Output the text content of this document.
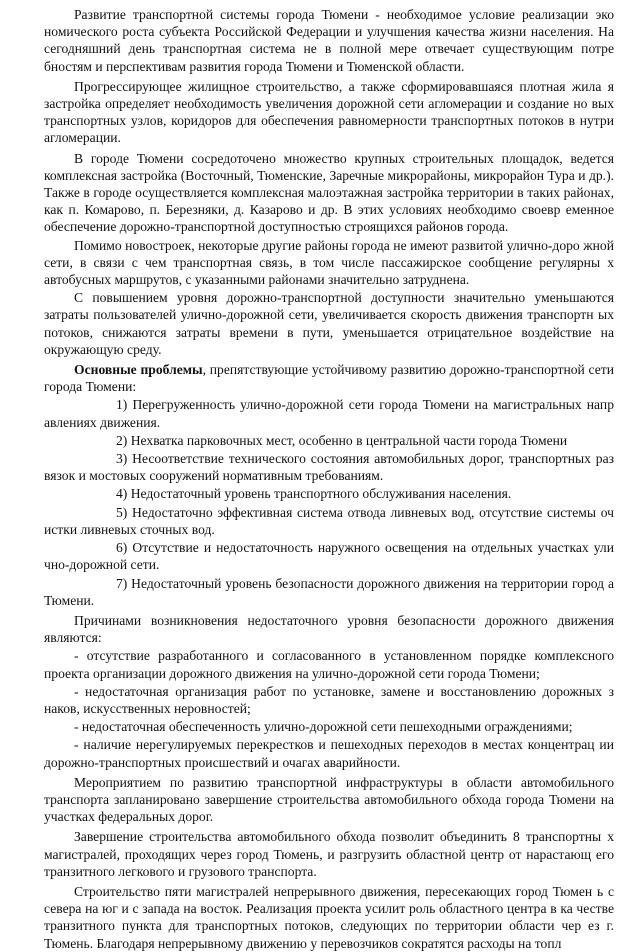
Развитие транспортной системы города Тюмени - необходимое условие реализации эко номического роста субъекта Российской Федерации и улучшения качества жизни населения. На сегодняшний день транспортная система не в полной мере отвечает существующим потре бностям и перспективам развития города Тюмени и Тюменской области.

Прогрессирующее жилищное строительство, а также сформировавшаяся плотная жила я застройка определяет необходимость увеличения дорожной сети агломерации и создание но вых транспортных узлов, коридоров для обеспечения равномерности транспортных потоков в нутри агломерации.

В городе Тюмени сосредоточено множество крупных строительных площадок, ведется комплексная застройка (Восточный, Тюменские, Заречные микрорайоны, микрорайон Тура и др.). Также в городе осуществляется комплексная малоэтажная застройка территории в таких районах, как п. Комарово, п. Березняки, д. Казарово и др. В этих условиях необходимо своевр еменное обеспечение дорожно-транспортной доступностью строящихся районов города.

Помимо новостроек, некоторые другие районы города не имеют развитой улично-доро жной сети, в связи с чем транспортная связь, в том числе пассажирское сообщение регулярны х автобусных маршрутов, с указанными районами значительно затруднена.

С повышением уровня дорожно-транспортной доступности значительно уменьшаются затраты пользователей улично-дорожной сети, увеличивается скорость движения транспортн ых потоков, снижаются затраты времени в пути, уменьшается отрицательное воздействие на окружающую среду.

Основные проблемы, препятствующие устойчивому развитию дорожно-транспортной сети города Тюмени:

1) Перегруженность улично-дорожной сети города Тюмени на магистральных напр авлениях движения.

2) Нехватка парковочных мест, особенно в центральной части города Тюмени

3) Несоответствие технического состояния автомобильных дорог, транспортных раз вязок и мостовых сооружений нормативным требованиям.

4) Недостаточный уровень транспортного обслуживания населения.

5) Недостаточно эффективная система отвода ливневых вод, отсутствие системы оч истки ливневых сточных вод.

6) Отсутствие и недостаточность наружного освещения на отдельных участках ули чно-дорожной сети.

7) Недостаточный уровень безопасности дорожного движения на территории город а Тюмени.

Причинами возникновения недостаточного уровня безопасности дорожного движения являются:

- отсутствие разработанного и согласованного в установленном порядке комплексного проекта организации дорожного движения на улично-дорожной сети города Тюмени;

- недостаточная организация работ по установке, замене и восстановлению дорожных з наков, искусственных неровностей;

- недостаточная обеспеченность улично-дорожной сети пешеходными ограждениями;

- наличие нерегулируемых перекрестков и пешеходных переходов в местах концентрац ии дорожно-транспортных происшествий и очагах аварийности.

Мероприятием по развитию транспортной инфраструктуры в области автомобильного транспорта запланировано завершение строительства автомобильного обхода города Тюмени на участках федеральных дорог.

Завершение строительства автомобильного обхода позволит объединить 8 транспортны х магистралей, проходящих через город Тюмень, и разгрузить областной центр от нарастающ его транзитного легкового и грузового транспорта.

Строительство пяти магистралей непрерывного движения, пересекающих город Тюмен ь с севера на юг и с запада на восток. Реализация проекта усилит роль областного центра в ка честве транзитного пункта для транспортных потоков, следующих по территории области чер ез г. Тюмень. Благодаря непрерывному движению у перевозчиков сократятся расходы на топл
